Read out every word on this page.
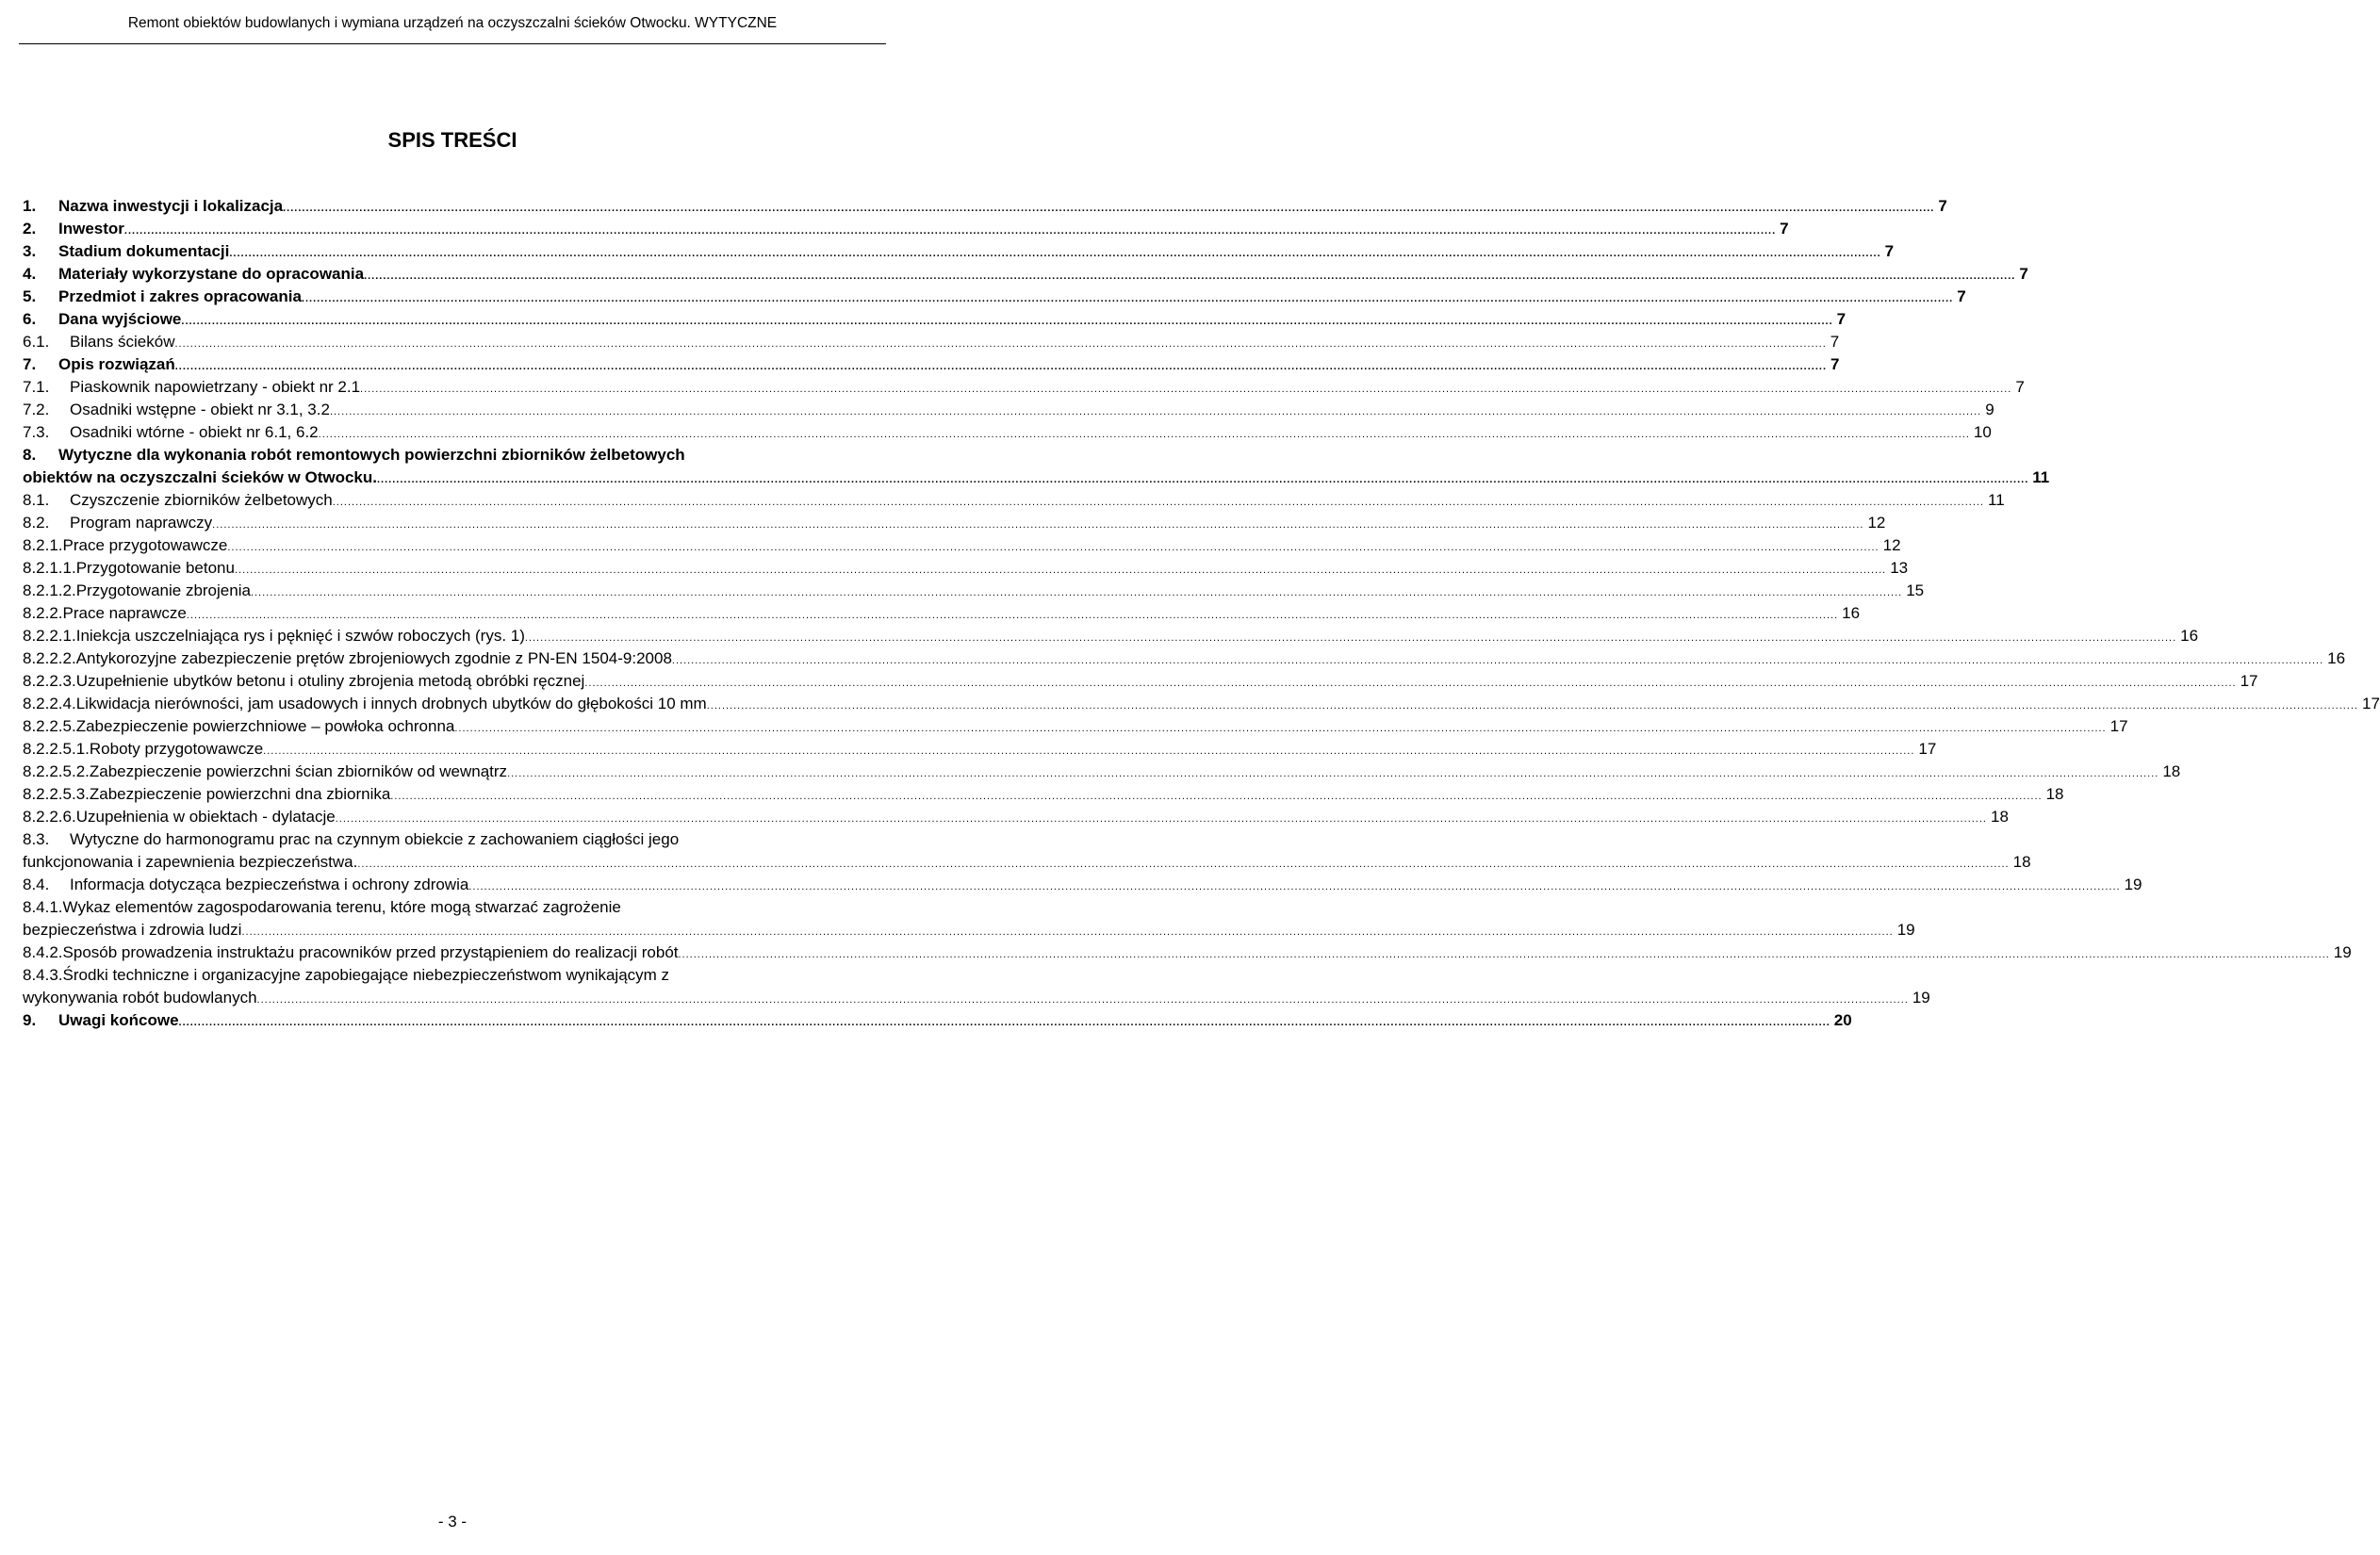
Remont obiektów budowlanych i wymiana urządzeń na oczyszczalni ścieków Otwocku. WYTYCZNE
SPIS TREŚCI
1. Nazwa inwestycji i lokalizacja .....	7
2. Inwestor .....	7
3. Stadium dokumentacji .....	7
4. Materiały wykorzystane do opracowania .....	7
5. Przedmiot i zakres opracowania .....	7
6. Dana wyjściowe .....	7
6.1. Bilans ścieków .....	7
7. Opis rozwiązań .....	7
7.1. Piaskownik napowietrzany - obiekt nr 2.1 .....	7
7.2. Osadniki wstępne - obiekt nr 3.1, 3.2 .....	9
7.3. Osadniki wtórne - obiekt nr 6.1, 6.2 .....	10
8. Wytyczne dla wykonania robót remontowych powierzchni zbiorników żelbetowych
obiektów na oczyszczalni ścieków w Otwocku. .....	11
8.1. Czyszczenie zbiorników żelbetowych .....	11
8.2. Program naprawczy .....	12
8.2.1.Prace przygotowawcze .....	12
8.2.1.1.Przygotowanie betonu .....	13
8.2.1.2.Przygotowanie zbrojenia .....	15
8.2.2.Prace naprawcze .....	16
8.2.2.1.Iniekcja uszczelniająca rys i pęknięć i szwów roboczych (rys. 1) .....	16
8.2.2.2.Antykorozyjne zabezpieczenie prętów zbrojeniowych zgodnie z PN-EN 1504-9:2008 .....	16
8.2.2.3.Uzupełnienie ubytków betonu i otuliny zbrojenia metodą obróbki ręcznej .....	17
8.2.2.4.Likwidacja nierówności, jam usadowych i innych drobnych ubytków do głębokości 10 mm .....	17
8.2.2.5.Zabezpieczenie powierzchniowe – powłoka ochronna .....	17
8.2.2.5.1.Roboty przygotowawcze .....	17
8.2.2.5.2.Zabezpieczenie powierzchni ścian zbiorników od wewnątrz .....	18
8.2.2.5.3.Zabezpieczenie powierzchni dna zbiornika .....	18
8.2.2.6.Uzupełnienia w obiektach - dylatacje .....	18
8.3. Wytyczne do harmonogramu prac na czynnym obiekcie z zachowaniem ciągłości jego
funkcjonowania i zapewnienia bezpieczeństwa. .....	18
8.4. Informacja dotycząca bezpieczeństwa i ochrony zdrowia .....	19
8.4.1.Wykaz elementów zagospodarowania terenu, które mogą stwarzać zagrożenie
bezpieczeństwa i zdrowia ludzi .....	19
8.4.2.Sposób prowadzenia instruktażu pracowników przed przystąpieniem do realizacji robót .....	19
8.4.3.Środki techniczne i organizacyjne zapobiegające niebezpieczeństwom wynikającym z
wykonywania robót budowlanych .....	19
9. Uwagi końcowe .....	20
- 3 -
